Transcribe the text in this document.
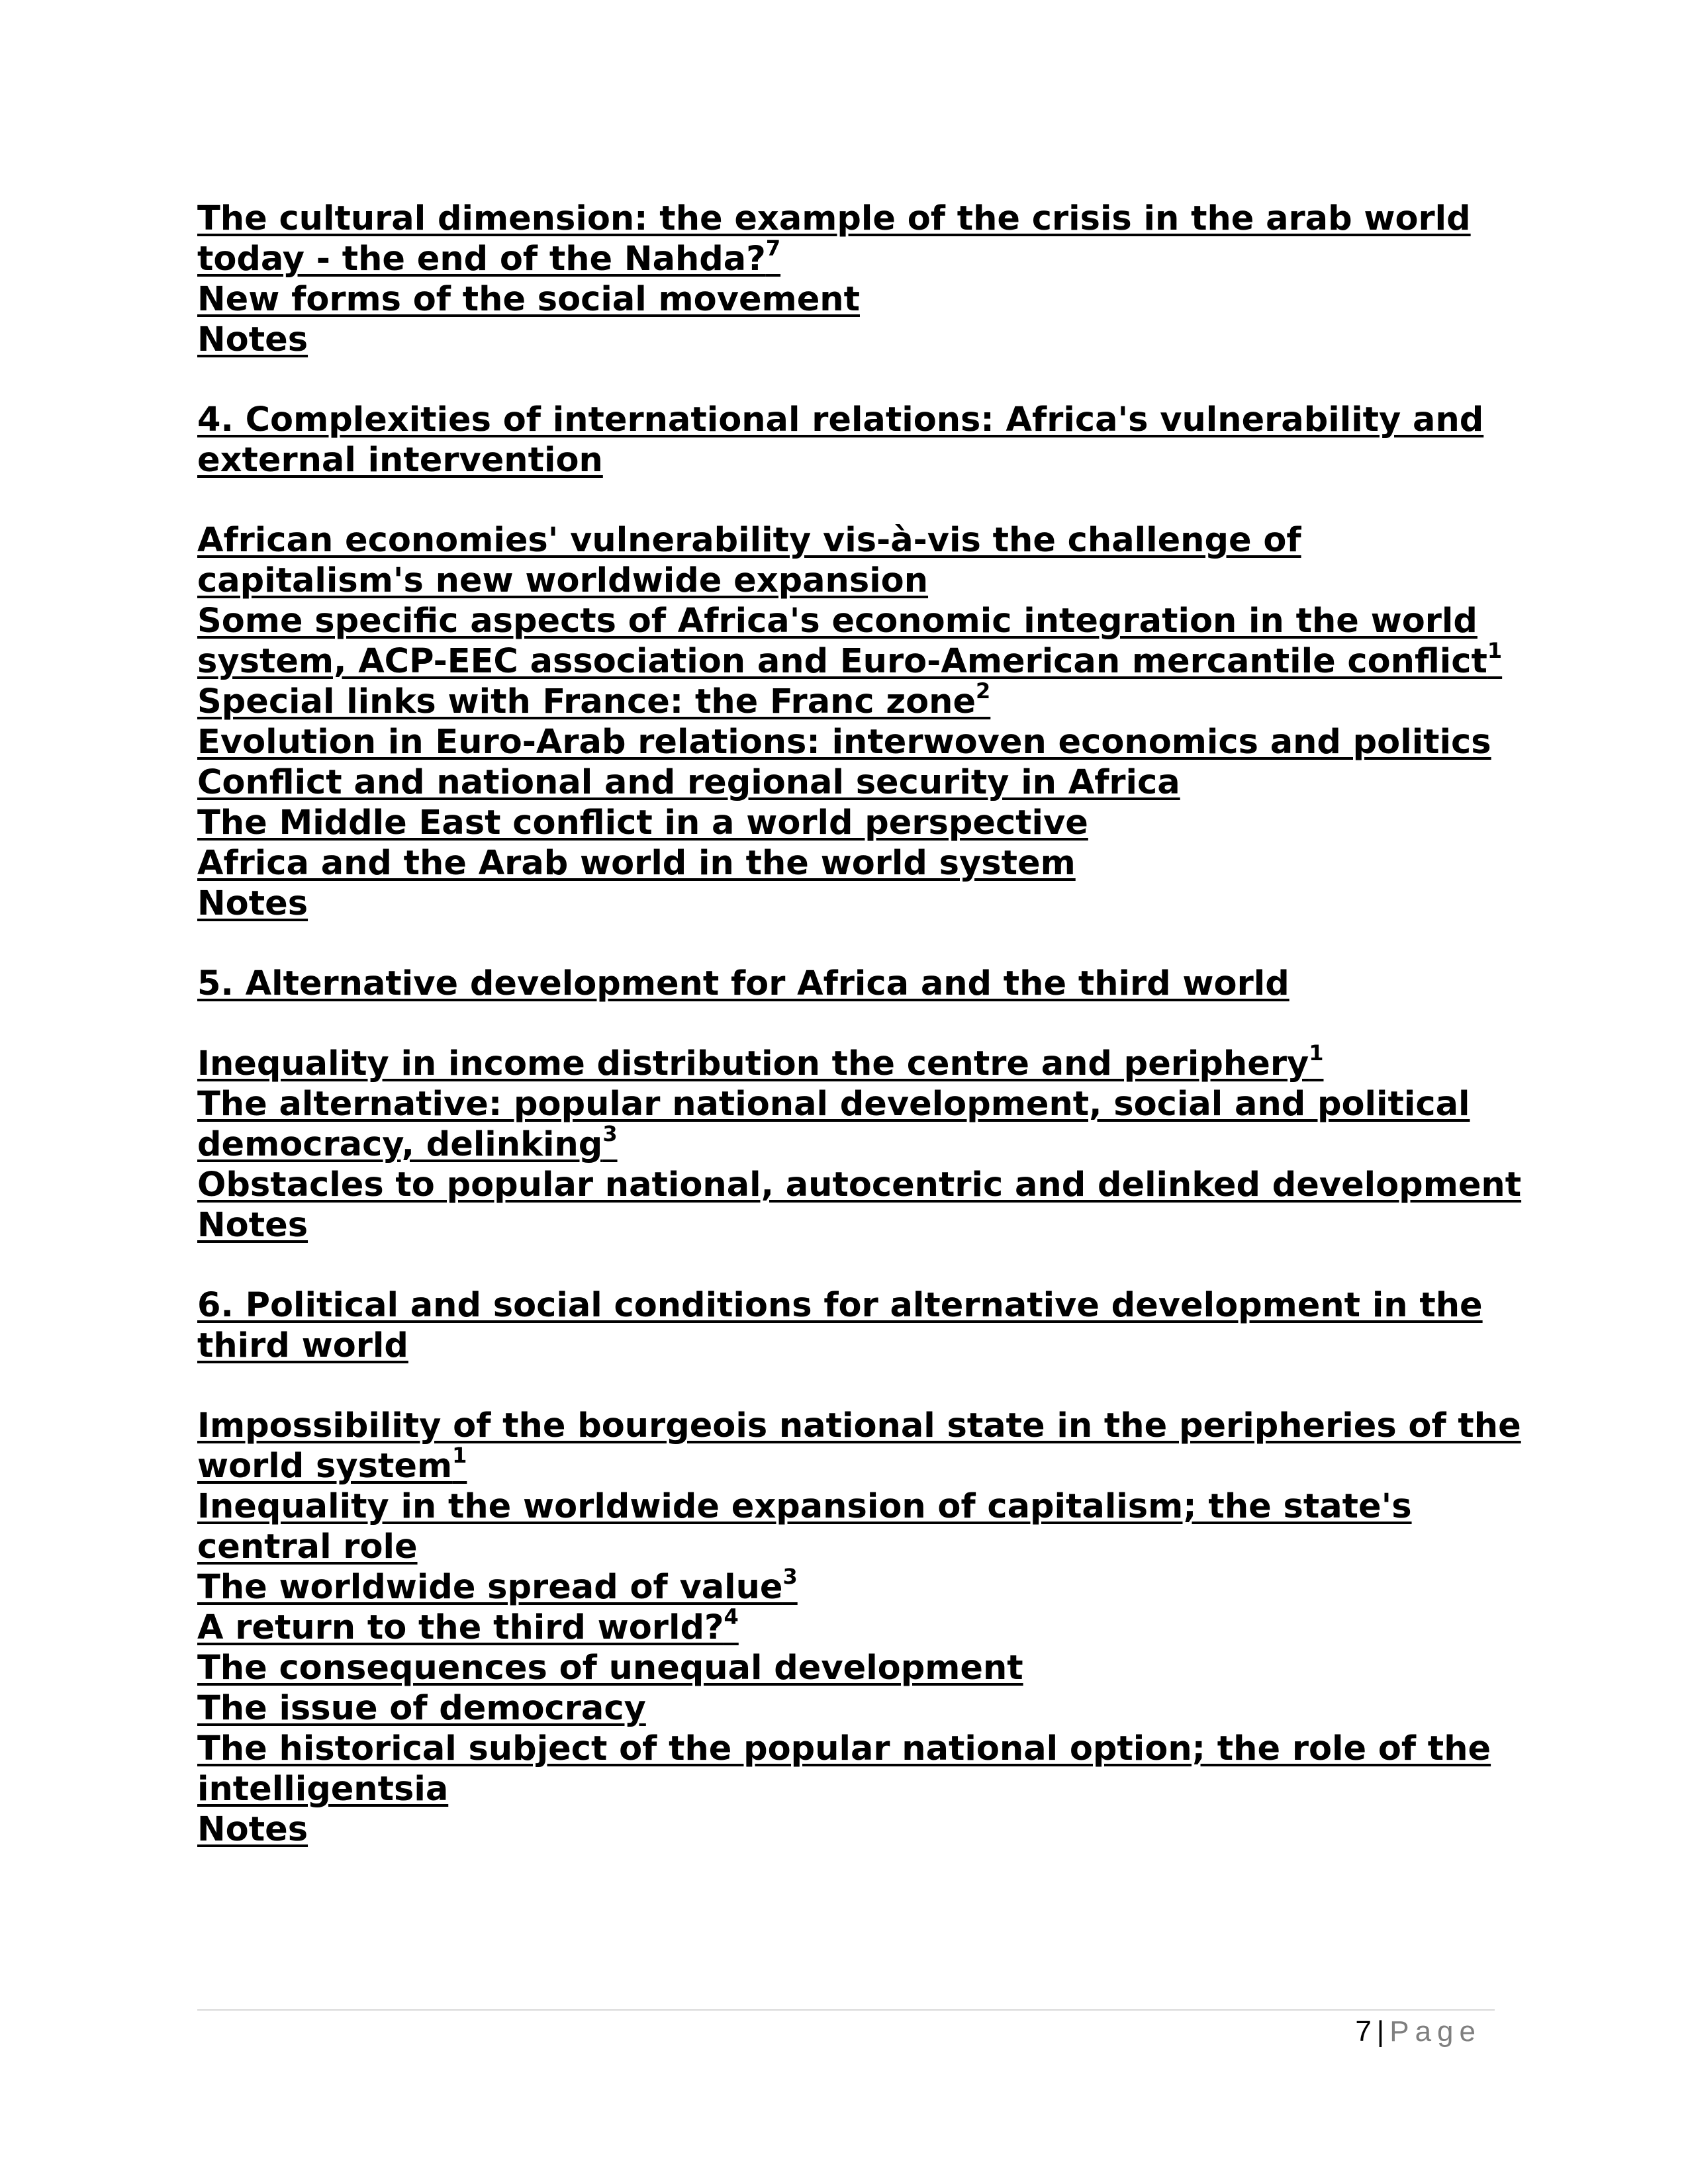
The cultural dimension: the example of the crisis in the arab world
today - the end of the Nahda?$^7$
New forms of the social movement
Notes
4. Complexities of international relations: Africa's vulnerability and
external intervention
African economies' vulnerability vis-à-vis the challenge of
capitalism's new worldwide expansion
Some specific aspects of Africa's economic integration in the world
system, ACP-EEC association and Euro-American mercantile conflict$^1$
Special links with France: the Franc zone$^2$
Evolution in Euro-Arab relations: interwoven economics and politics
Conflict and national and regional security in Africa
The Middle East conflict in a world perspective
Africa and the Arab world in the world system
Notes
5. Alternative development for Africa and the third world
Inequality in income distribution the centre and periphery$^1$
The alternative: popular national development, social and political
democracy, delinking$^3$
Obstacles to popular national, autocentric and delinked development
Notes
6. Political and social conditions for alternative development in the
third world
Impossibility of the bourgeois national state in the peripheries of the
world system$^1$
Inequality in the worldwide expansion of capitalism; the state's
central role
The worldwide spread of value$^3$
A return to the third world?$^4$
The consequences of unequal development
The issue of democracy
The historical subject of the popular national option; the role of the
intelligentsia
Notes
7 | Page
